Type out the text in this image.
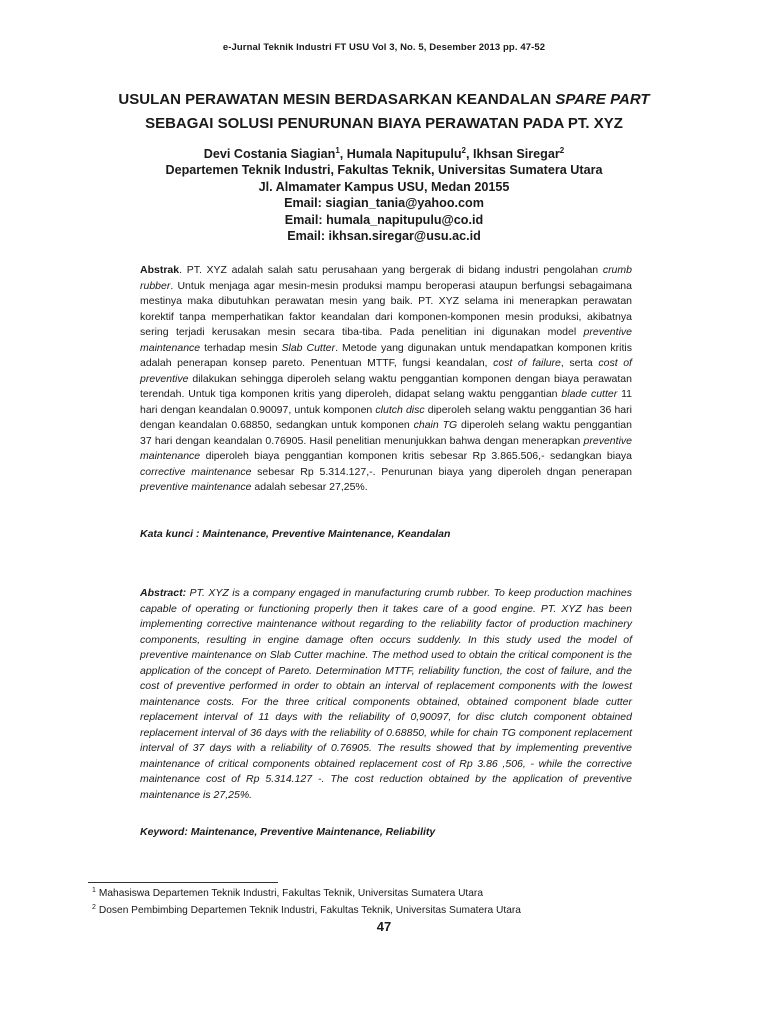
e-Jurnal Teknik Industri FT USU Vol 3, No. 5, Desember 2013 pp. 47-52
USULAN PERAWATAN MESIN BERDASARKAN KEANDALAN SPARE PART
SEBAGAI SOLUSI PENURUNAN BIAYA PERAWATAN PADA PT. XYZ
Devi Costania Siagian$^1$, Humala Napitupulu$^2$, Ikhsan Siregar$^2$
Departemen Teknik Industri, Fakultas Teknik, Universitas Sumatera Utara
Jl. Almamater Kampus USU, Medan 20155
Email: siagian_tania@yahoo.com
Email: humala_napitupulu@co.id
Email: ikhsan.siregar@usu.ac.id
Abstrak. PT. XYZ adalah salah satu perusahaan yang bergerak di bidang industri pengolahan crumb rubber. Untuk menjaga agar mesin-mesin produksi mampu beroperasi ataupun berfungsi sebagaimana mestinya maka dibutuhkan perawatan mesin yang baik. PT. XYZ selama ini menerapkan perawatan korektif tanpa memperhatikan faktor keandalan dari komponen-komponen mesin produksi, akibatnya sering terjadi kerusakan mesin secara tiba-tiba. Pada penelitian ini digunakan model preventive maintenance terhadap mesin Slab Cutter. Metode yang digunakan untuk mendapatkan komponen kritis adalah penerapan konsep pareto. Penentuan MTTF, fungsi keandalan, cost of failure, serta cost of preventive dilakukan sehingga diperoleh selang waktu penggantian komponen dengan biaya perawatan terendah. Untuk tiga komponen kritis yang diperoleh, didapat selang waktu penggantian blade cutter 11 hari dengan keandalan 0.90097, untuk komponen clutch disc diperoleh selang waktu penggantian 36 hari dengan keandalan 0.68850, sedangkan untuk komponen chain TG diperoleh selang waktu penggantian 37 hari dengan keandalan 0.76905. Hasil penelitian menunjukkan bahwa dengan menerapkan preventive maintenance diperoleh biaya penggantian komponen kritis sebesar Rp 3.865.506,- sedangkan biaya corrective maintenance sebesar Rp 5.314.127,-. Penurunan biaya yang diperoleh dngan penerapan preventive maintenance adalah sebesar 27,25%.
Kata kunci : Maintenance, Preventive Maintenance, Keandalan
Abstract: PT. XYZ is a company engaged in manufacturing crumb rubber. To keep production machines capable of operating or functioning properly then it takes care of a good engine. PT. XYZ has been implementing corrective maintenance without regarding to the reliability factor of production machinery components, resulting in engine damage often occurs suddenly. In this study used the model of preventive maintenance on Slab Cutter machine. The method used to obtain the critical component is the application of the concept of Pareto. Determination MTTF, reliability function, the cost of failure, and the cost of preventive performed in order to obtain an interval of replacement components with the lowest maintenance costs. For the three critical components obtained, obtained component blade cutter replacement interval of 11 days with the reliability of 0,90097, for disc clutch component obtained replacement interval of 36 days with the reliability of 0.68850, while for chain TG component replacement interval of 37 days with a reliability of 0.76905. The results showed that by implementing preventive maintenance of critical components obtained replacement cost of Rp 3.86 ,506, - while the corrective maintenance cost of Rp 5.314.127 -. The cost reduction obtained by the application of preventive maintenance is 27,25%.
Keyword: Maintenance, Preventive Maintenance, Reliability
$^1$ Mahasiswa Departemen Teknik Industri, Fakultas Teknik, Universitas Sumatera Utara
$^2$ Dosen Pembimbing Departemen Teknik Industri, Fakultas Teknik, Universitas Sumatera Utara
47
